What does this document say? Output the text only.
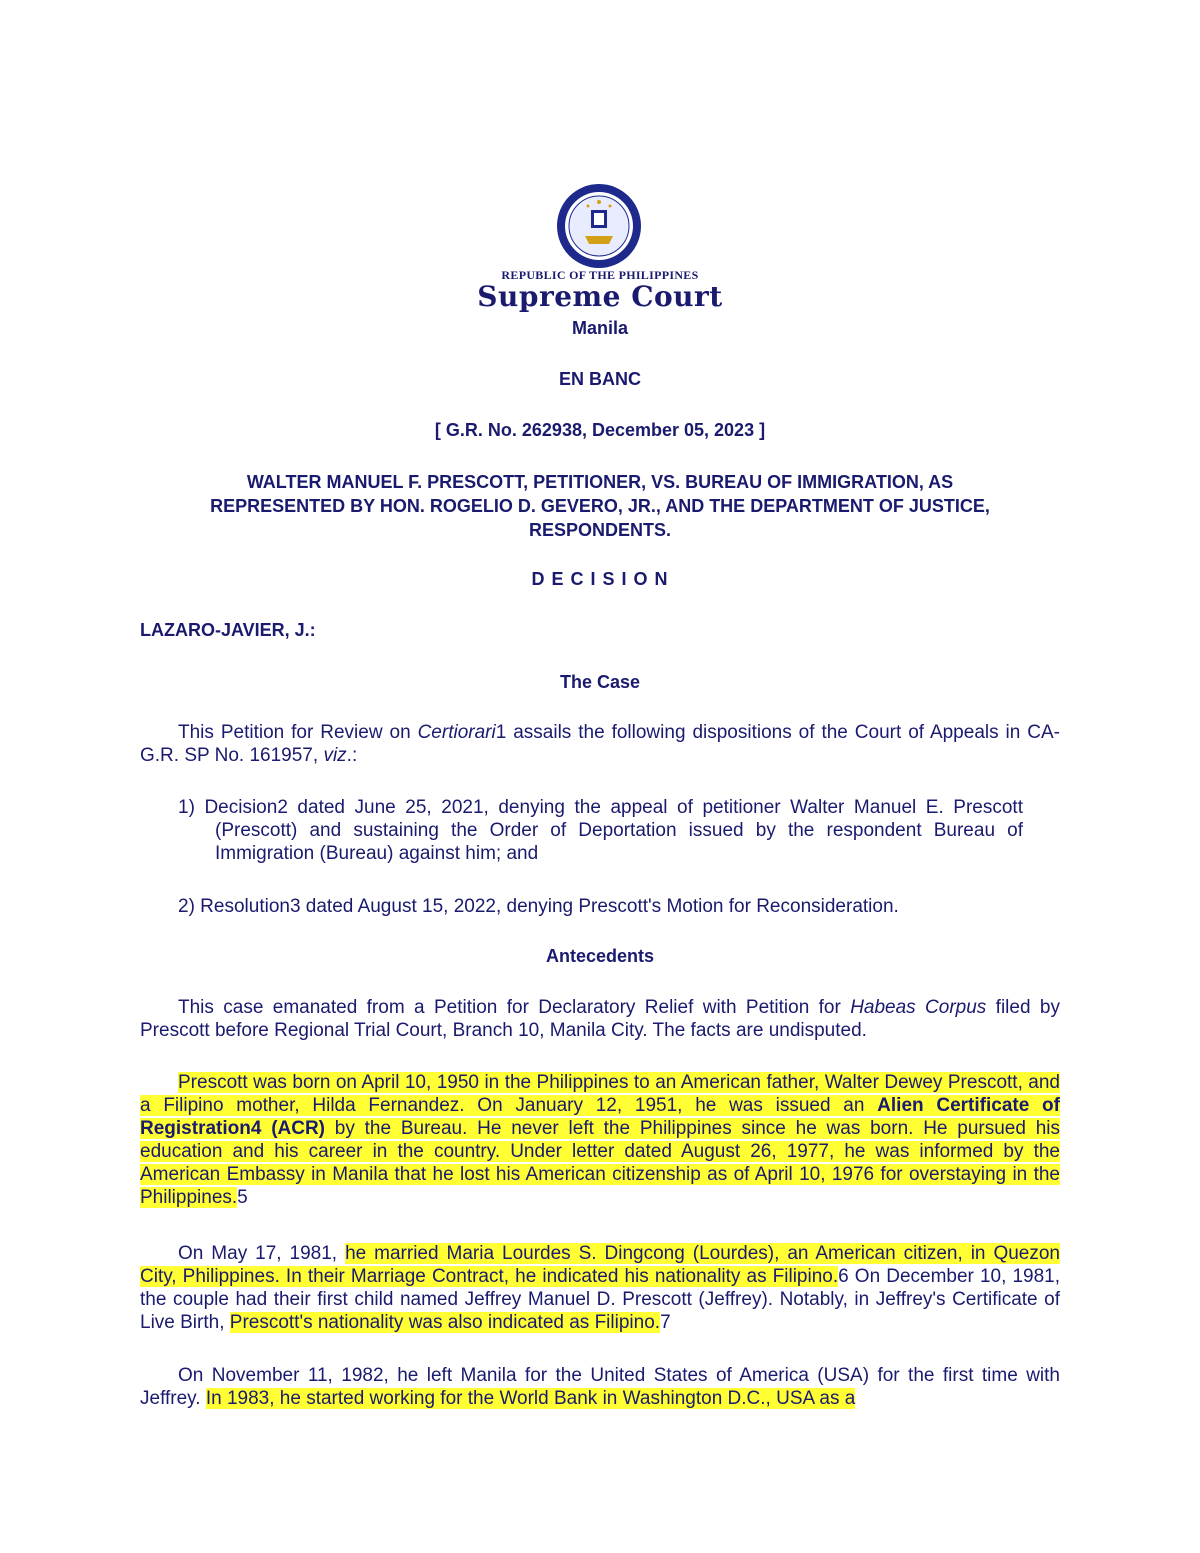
REPUBLIC OF THE PHILIPPINES
Supreme Court
Manila
EN BANC
[ G.R. No. 262938, December 05, 2023 ]
WALTER MANUEL F. PRESCOTT, PETITIONER, VS. BUREAU OF IMMIGRATION, AS
REPRESENTED BY HON. ROGELIO D. GEVERO, JR., AND THE DEPARTMENT OF JUSTICE,
RESPONDENTS.
D E C I S I O N
LAZARO-JAVIER, J.:
The Case
This Petition for Review on Certiorari1 assails the following dispositions of the Court of Appeals in CA-G.R. SP No. 161957, viz.:
1) Decision2 dated June 25, 2021, denying the appeal of petitioner Walter Manuel E. Prescott (Prescott) and sustaining the Order of Deportation issued by the respondent Bureau of Immigration (Bureau) against him; and
2) Resolution3 dated August 15, 2022, denying Prescott's Motion for Reconsideration.
Antecedents
This case emanated from a Petition for Declaratory Relief with Petition for Habeas Corpus filed by Prescott before Regional Trial Court, Branch 10, Manila City. The facts are undisputed.
Prescott was born on April 10, 1950 in the Philippines to an American father, Walter Dewey Prescott, and a Filipino mother, Hilda Fernandez. On January 12, 1951, he was issued an Alien Certificate of Registration4 (ACR) by the Bureau. He never left the Philippines since he was born. He pursued his education and his career in the country. Under letter dated August 26, 1977, he was informed by the American Embassy in Manila that he lost his American citizenship as of April 10, 1976 for overstaying in the Philippines.5
On May 17, 1981, he married Maria Lourdes S. Dingcong (Lourdes), an American citizen, in Quezon City, Philippines. In their Marriage Contract, he indicated his nationality as Filipino.6 On December 10, 1981, the couple had their first child named Jeffrey Manuel D. Prescott (Jeffrey). Notably, in Jeffrey's Certificate of Live Birth, Prescott's nationality was also indicated as Filipino.7
On November 11, 1982, he left Manila for the United States of America (USA) for the first time with Jeffrey. In 1983, he started working for the World Bank in Washington D.C., USA as a
